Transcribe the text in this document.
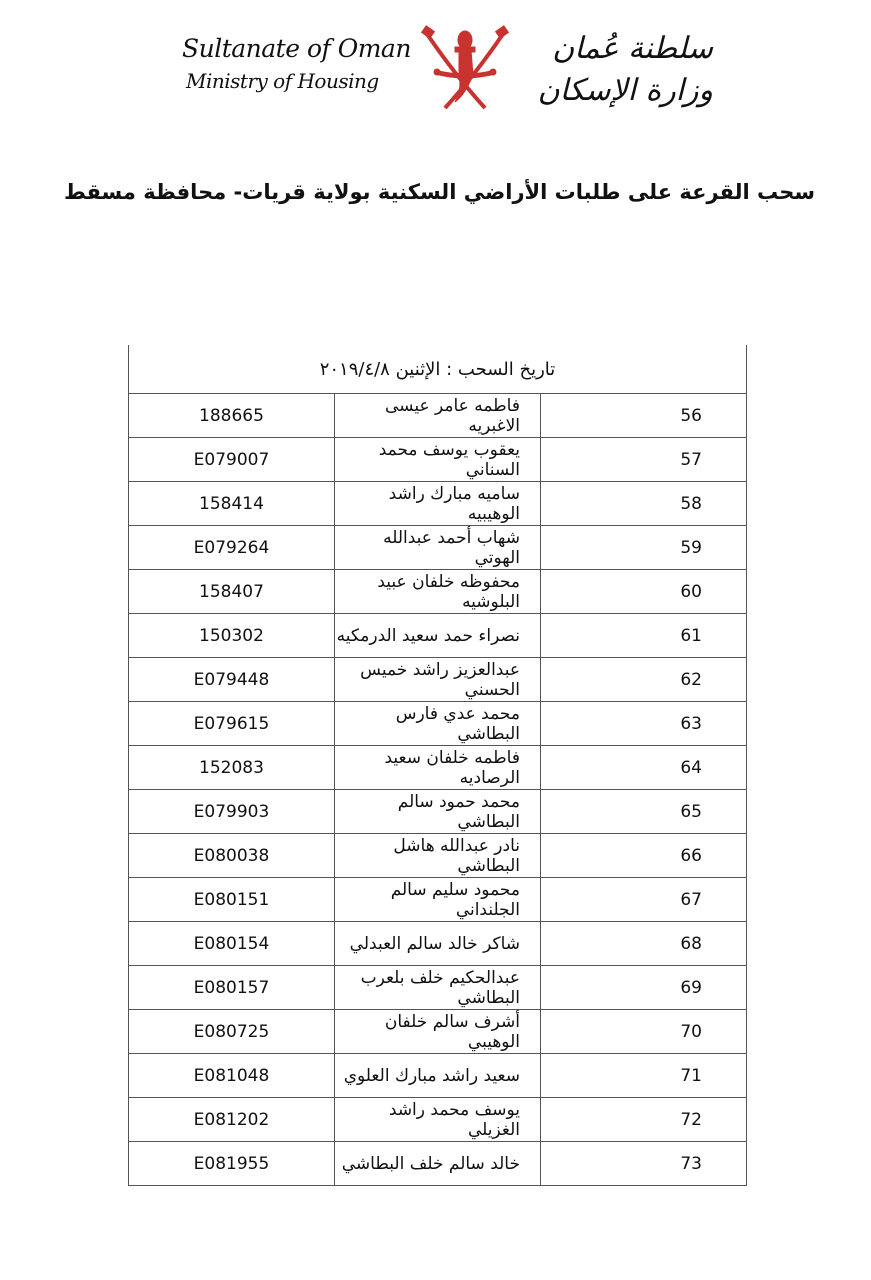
Sultanate of Oman
Ministry of Housing
سلطنة عُمان
وزارة الإسكان
سحب القرعة على طلبات الأراضي السكنية بولاية قريات- محافظة مسقط
تاريخ السحب : الإثنين ٢٠١٩/٤/٨		
188665	فاطمه عامر عيسى الاغبريه	56
E079007	يعقوب يوسف محمد السناني	57
158414	ساميه مبارك راشد الوهيبيه	58
E079264	شهاب أحمد عبدالله الهوتي	59
158407	محفوظه خلفان عبيد البلوشيه	60
150302	نصراء حمد سعيد الدرمكيه	61
E079448	عبدالعزيز راشد خميس الحسني	62
E079615	محمد عدي فارس البطاشي	63
152083	فاطمه خلفان سعيد الرصاديه	64
E079903	محمد حمود سالم البطاشي	65
E080038	نادر عبدالله هاشل البطاشي	66
E080151	محمود سليم سالم الجلنداني	67
E080154	شاكر خالد سالم العبدلي	68
E080157	عبدالحكيم خلف بلعرب البطاشي	69
E080725	أشرف سالم خلفان الوهيبي	70
E081048	سعيد راشد مبارك العلوي	71
E081202	يوسف محمد راشد الغزيلي	72
E081955	خالد سالم خلف البطاشي	73
